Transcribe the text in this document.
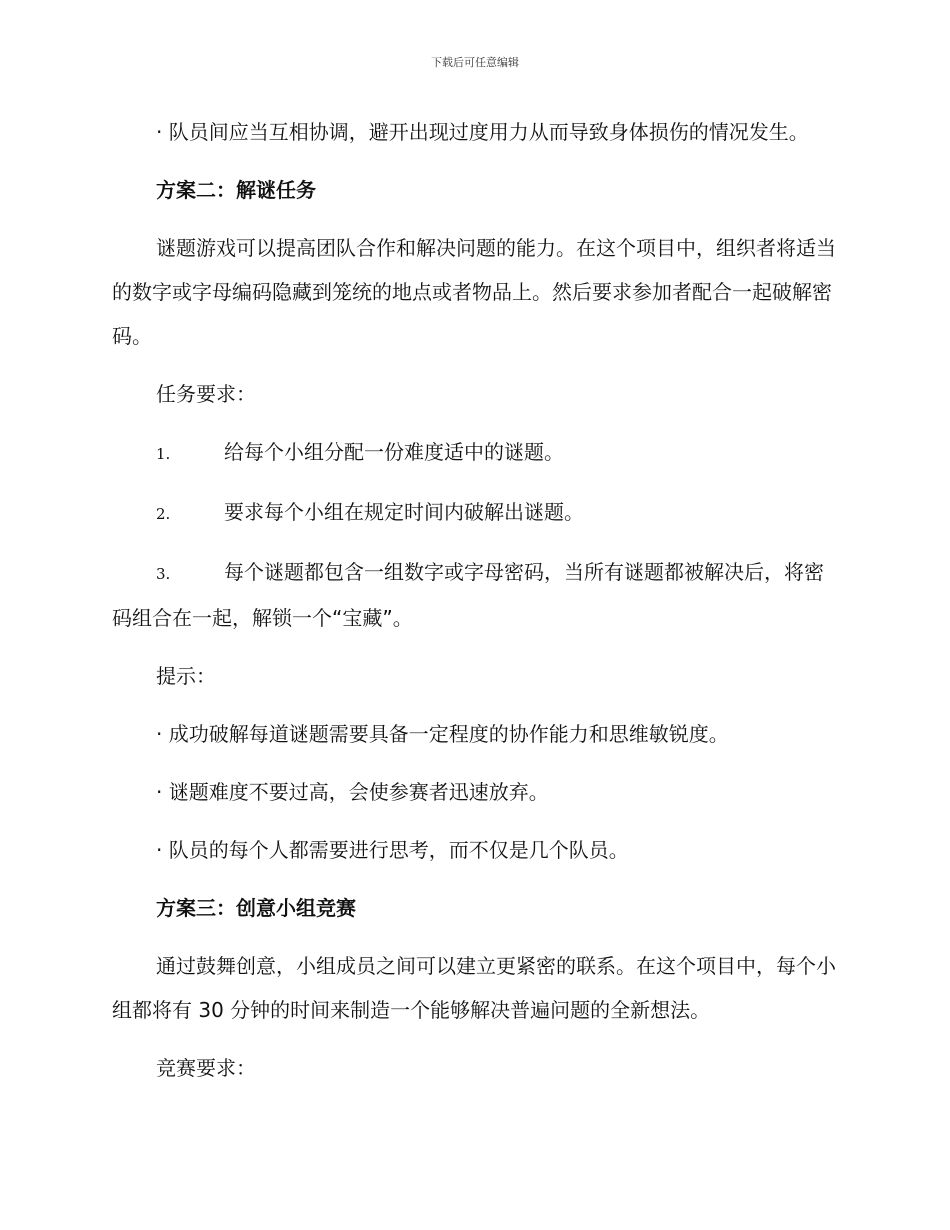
下载后可任意编辑

· 队员间应当互相协调，避开出现过度用力从而导致身体损伤的情况发生。

方案二：解谜任务

谜题游戏可以提高团队合作和解决问题的能力。在这个项目中，组织者将适当的数字或字母编码隐藏到笼统的地点或者物品上。然后要求参加者配合一起破解密码。

任务要求：

1.	给每个小组分配一份难度适中的谜题。

2.	要求每个小组在规定时间内破解出谜题。

3.	每个谜题都包含一组数字或字母密码，当所有谜题都被解决后，将密码组合在一起，解锁一个“宝藏”。

提示：

· 成功破解每道谜题需要具备一定程度的协作能力和思维敏锐度。

· 谜题难度不要过高，会使参赛者迅速放弃。

· 队员的每个人都需要进行思考，而不仅是几个队员。

方案三：创意小组竞赛

通过鼓舞创意，小组成员之间可以建立更紧密的联系。在这个项目中，每个小组都将有 30 分钟的时间来制造一个能够解决普遍问题的全新想法。

竞赛要求：
